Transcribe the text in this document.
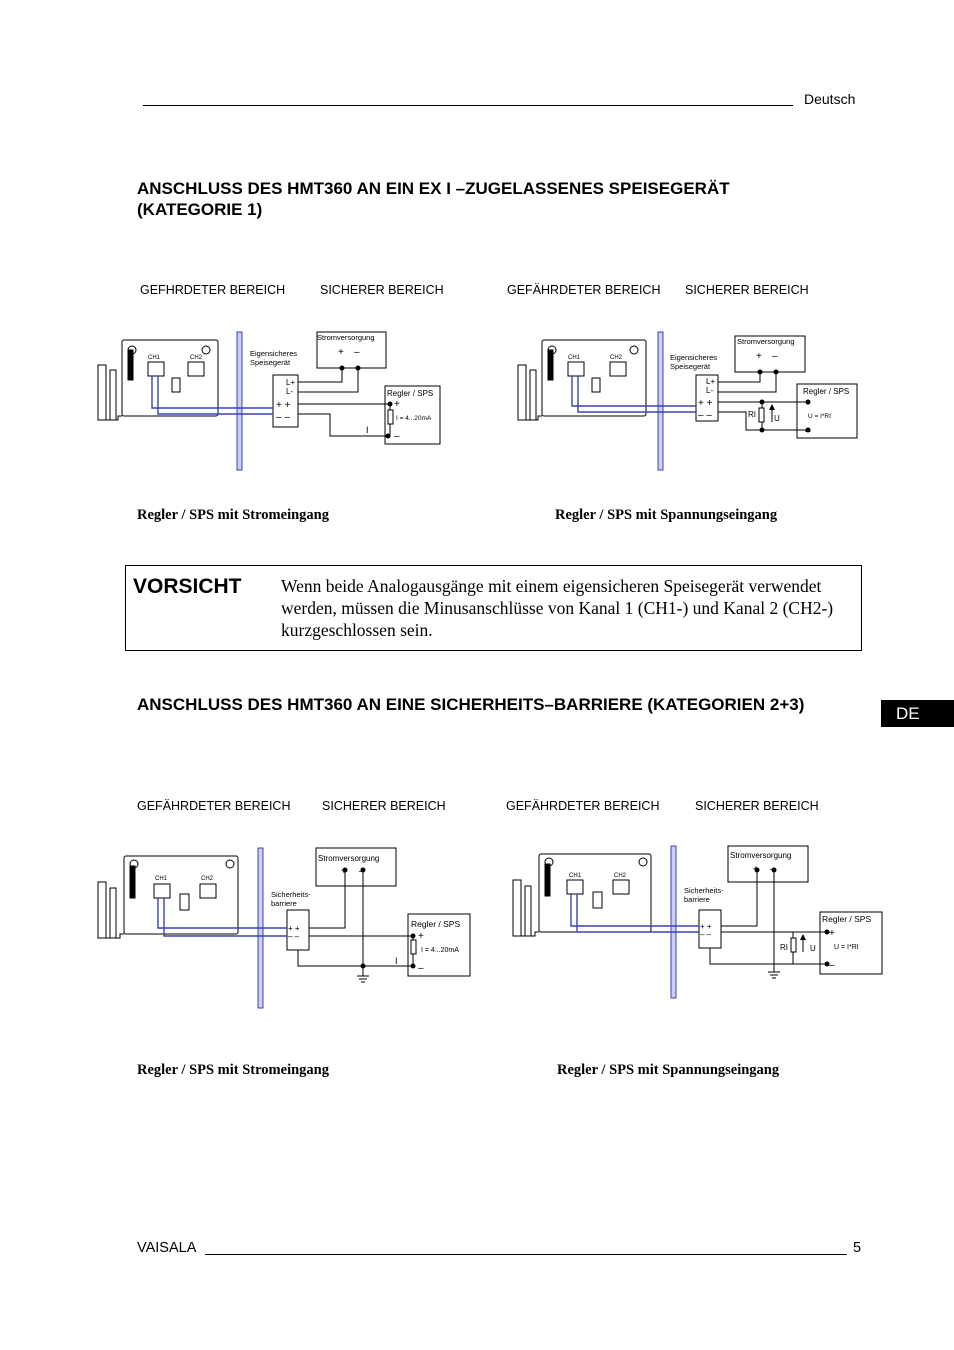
Deutsch
ANSCHLUSS DES HMT360 AN EIN EX I –ZUGELASSENES SPEISEGERÄT (KATEGORIE 1)
GEFHRDETER BEREICH	SICHERER BEREICH	GEFÄHRDETER BEREICH SICHERER BEREICH
CH1	CH2
Stromversorgung
+ –
Eigensicheres
Speisegerät
L+
L-
+ +
– –
Regler / SPS
+
I = 4...20mA
–
I
CH1	CH2
Stromversorgung
+ –
Eigensicheres
Speisegerät
L+
L-
+ +
– –	RI U
Regler / SPS
+
U = I*RI
–
Regler / SPS mit Stromeingang	Regler / SPS mit Spannungseingang
VORSICHT Wenn beide Analogausgänge mit einem eigensicheren Speisegerät verwendet werden, müssen die Minusanschlüsse von Kanal 1 (CH1-) und Kanal 2 (CH2-) kurzgeschlossen sein.
DE
ANSCHLUSS DES HMT360 AN EINE SICHERHEITS–BARRIERE (KATEGORIEN 2+3)
GEFÄHRDETER BEREICH	SICHERER BEREICH	GEFÄHRDETER BEREICH	SICHERER BEREICH
CH1	CH2
Stromversorgung
+ –
Sicherheits-
barriere
+ +
– –
Regler / SPS
+
I = 4...20mA
–
I
CH1	CH2
Stromversorgung
+ –
Sicherheits-
barriere
+ +
– –
RI	U
Regler / SPS
+
U = I*RI
–
Regler / SPS mit Stromeingang	Regler / SPS mit Spannungseingang
VAISALA	5
